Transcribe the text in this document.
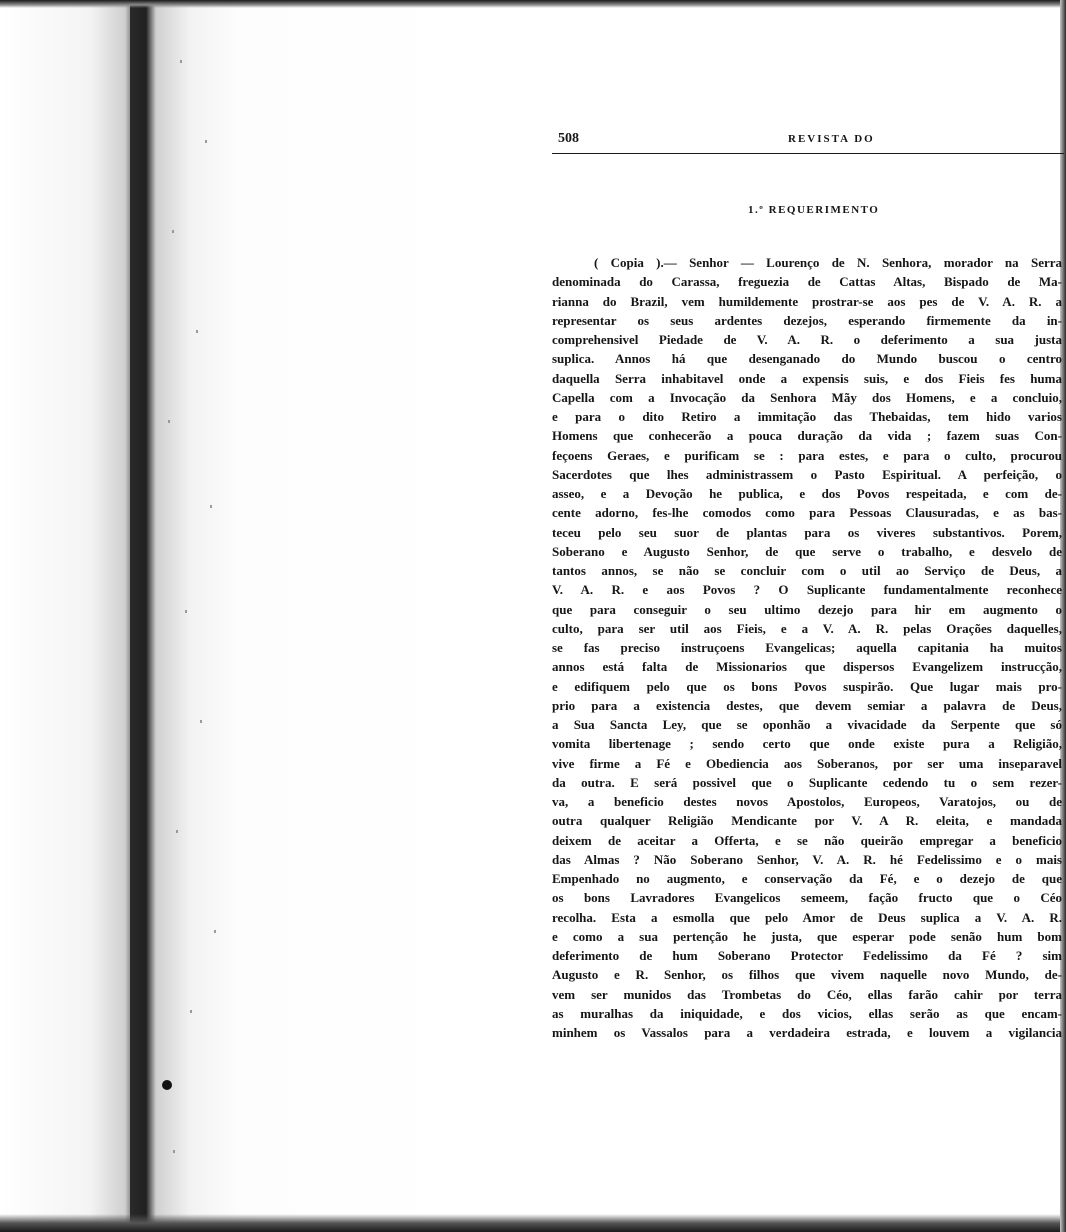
508	REVISTA DO
1.º REQUERIMENTO
( Copia ).— Senhor — Lourenço de N. Senhora, morador na Serra
denominada do Carassa, freguezia de Cattas Altas, Bispado de Ma-
rianna do Brazil, vem humildemente prostrar-se aos pes de V. A. R. a
representar os seus ardentes dezejos, esperando firmemente da in-
comprehensivel Piedade de V. A. R. o deferimento a sua justa
suplica. Annos há que desenganado do Mundo buscou o centro
daquella Serra inhabitavel onde a expensis suis, e dos Fieis fes huma
Capella com a Invocação da Senhora Mãy dos Homens, e a concluio,
e para o dito Retiro a immitação das Thebaidas, tem hido varios
Homens que conhecerão a pouca duração da vida ; fazem suas Con-
feçoens Geraes, e purificam se : para estes, e para o culto, procurou
Sacerdotes que lhes administrassem o Pasto Espiritual. A perfeição, o
asseo, e a Devoção he publica, e dos Povos respeitada, e com de-
cente adorno, fes-lhe comodos como para Pessoas Clausuradas, e as bas-
teceu pelo seu suor de plantas para os viveres substantivos. Porem,
Soberano e Augusto Senhor, de que serve o trabalho, e desvelo de
tantos annos, se não se concluir com o util ao Serviço de Deus, a
V. A. R. e aos Povos ? O Suplicante fundamentalmente reconhece
que para conseguir o seu ultimo dezejo para hir em augmento o
culto, para ser util aos Fieis, e a V. A. R. pelas Orações daquelles,
se fas preciso instruçoens Evangelicas; aquella capitania ha muitos
annos está falta de Missionarios que dispersos Evangelizem instrucção,
e edifiquem pelo que os bons Povos suspirão. Que lugar mais pro-
prio para a existencia destes, que devem semiar a palavra de Deus,
a Sua Sancta Ley, que se oponhão a vivacidade da Serpente que só
vomita libertenage ; sendo certo que onde existe pura a Religião,
vive firme a Fé e Obediencia aos Soberanos, por ser uma inseparavel
da outra. E será possivel que o Suplicante cedendo tu o sem rezer-
va, a beneficio destes novos Apostolos, Europeos, Varatojos, ou de
outra qualquer Religião Mendicante por V. A R. eleita, e mandada
deixem de aceitar a Offerta, e se não queirão empregar a beneficio
das Almas ? Não Soberano Senhor, V. A. R. hé Fedelissimo e o mais
Empenhado no augmento, e conservação da Fé, e o dezejo de que
os bons Lavradores Evangelicos semeem, fação fructo que o Céo
recolha. Esta a esmolla que pelo Amor de Deus suplica a V. A. R.
e como a sua pertenção he justa, que esperar pode senão hum bom
deferimento de hum Soberano Protector Fedelissimo da Fé ? sim
Augusto e R. Senhor, os filhos que vivem naquelle novo Mundo, de-
vem ser munidos das Trombetas do Céo, ellas farão cahir por terra
as muralhas da iniquidade, e dos vicios, ellas serão as que encam-
minhem os Vassalos para a verdadeira estrada, e louvem a vigilancia
